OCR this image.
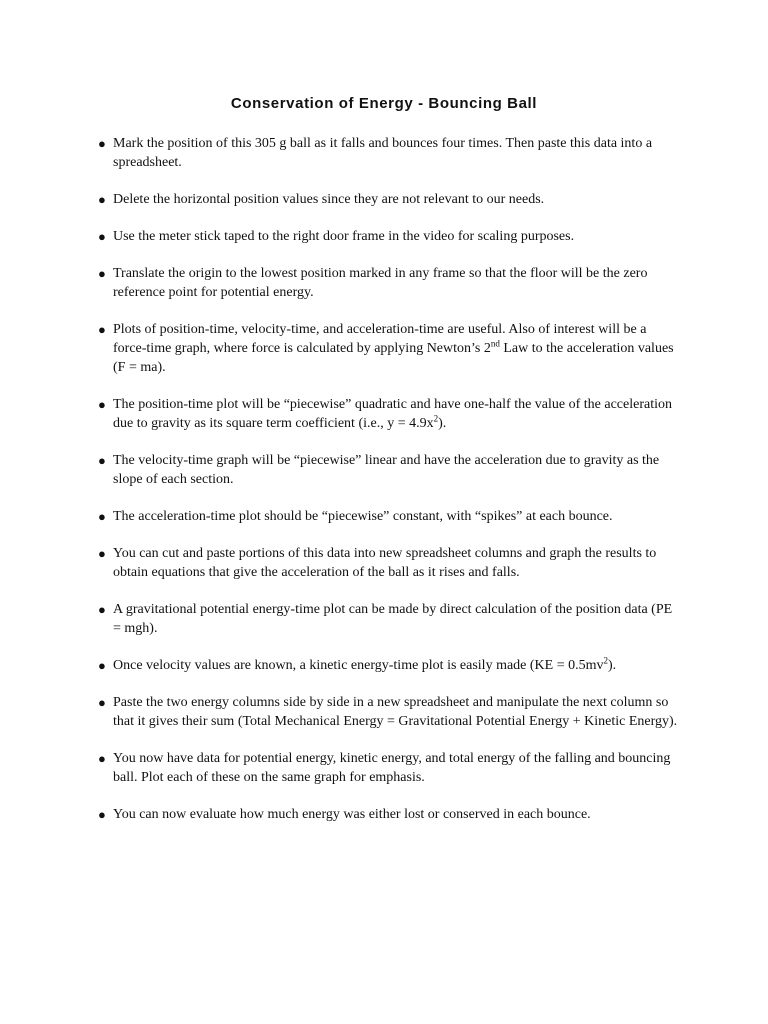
Conservation of Energy - Bouncing Ball
● Mark the position of this 305 g ball as it falls and bounces four times. Then paste this data into a spreadsheet.
● Delete the horizontal position values since they are not relevant to our needs.
● Use the meter stick taped to the right door frame in the video for scaling purposes.
● Translate the origin to the lowest position marked in any frame so that the floor will be the zero reference point for potential energy.
● Plots of position-time, velocity-time, and acceleration-time are useful. Also of interest will be a force-time graph, where force is calculated by applying Newton’s 2nd Law to the acceleration values (F = ma).
● The position-time plot will be “piecewise” quadratic and have one-half the value of the acceleration due to gravity as its square term coefficient (i.e., $y = 4.9x^2$).
● The velocity-time graph will be “piecewise” linear and have the acceleration due to gravity as the slope of each section.
● The acceleration-time plot should be “piecewise” constant, with “spikes” at each bounce.
● You can cut and paste portions of this data into new spreadsheet columns and graph the results to obtain equations that give the acceleration of the ball as it rises and falls.
● A gravitational potential energy-time plot can be made by direct calculation of the position data (PE = mgh).
● Once velocity values are known, a kinetic energy-time plot is easily made $(KE = 0.5mv^2)$.
● Paste the two energy columns side by side in a new spreadsheet and manipulate the next column so that it gives their sum (Total Mechanical Energy = Gravitational Potential Energy + Kinetic Energy).
● You now have data for potential energy, kinetic energy, and total energy of the falling and bouncing ball. Plot each of these on the same graph for emphasis.
● You can now evaluate how much energy was either lost or conserved in each bounce.
